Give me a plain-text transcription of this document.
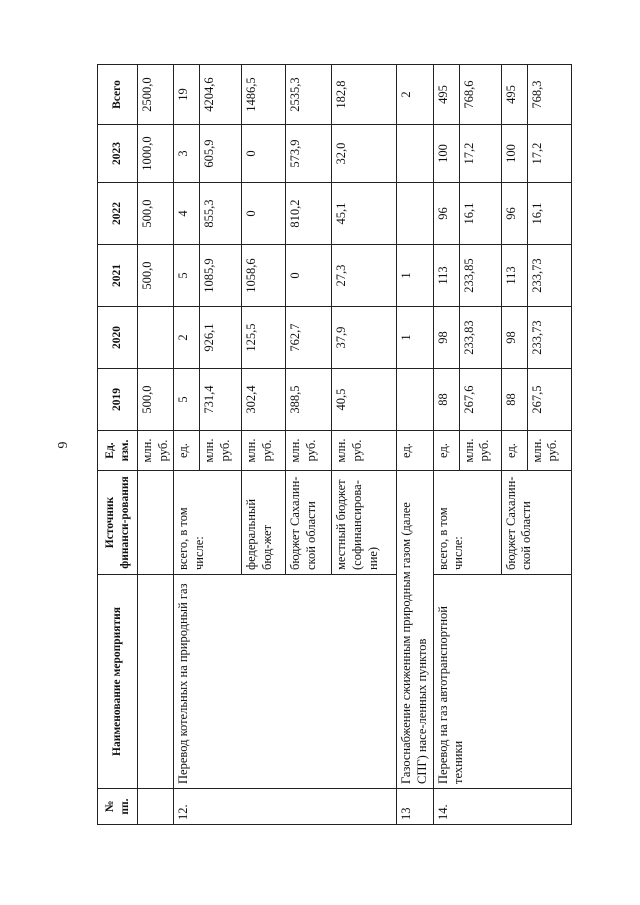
6
№ пп.	Наименование мероприятия	Источник финанси-рования	Ед. изм.	2019	2020	2021	2022	2023	Всего
			млн. руб.	500,0		500,0	500,0	1000,0	2500,0
12.	Перевод котельных на природный газ	всего, в том числе:	ед.	5	2	5	4	3	19
			млн. руб.	731,4	926,1	1085,9	855,3	605,9	4204,6
		федеральный бюд-жет	млн. руб.	302,4	125,5	1058,6	0	0	1486,5
		бюджет Сахалин-ской области	млн. руб.	388,5	762,7	0	810,2	573,9	2535,3
		местный бюджет (софинансирова-ние)	млн. руб.	40,5	37,9	27,3	45,1	32,0	182,8
13	Газоснабжение сжиженным природным газом (далее СПГ) насе-ленных пунктов		ед.		1	1			2
14.	Перевод на газ автотранспортной техники	всего, в том числе:	ед.	88	98	113	96	100	495
			млн. руб.	267,6	233,83	233,85	16,1	17,2	768,6
		бюджет Сахалин-ской области	ед.	88	98	113	96	100	495
			млн. руб.	267,5	233,73	233,73	16,1	17,2	768,3
